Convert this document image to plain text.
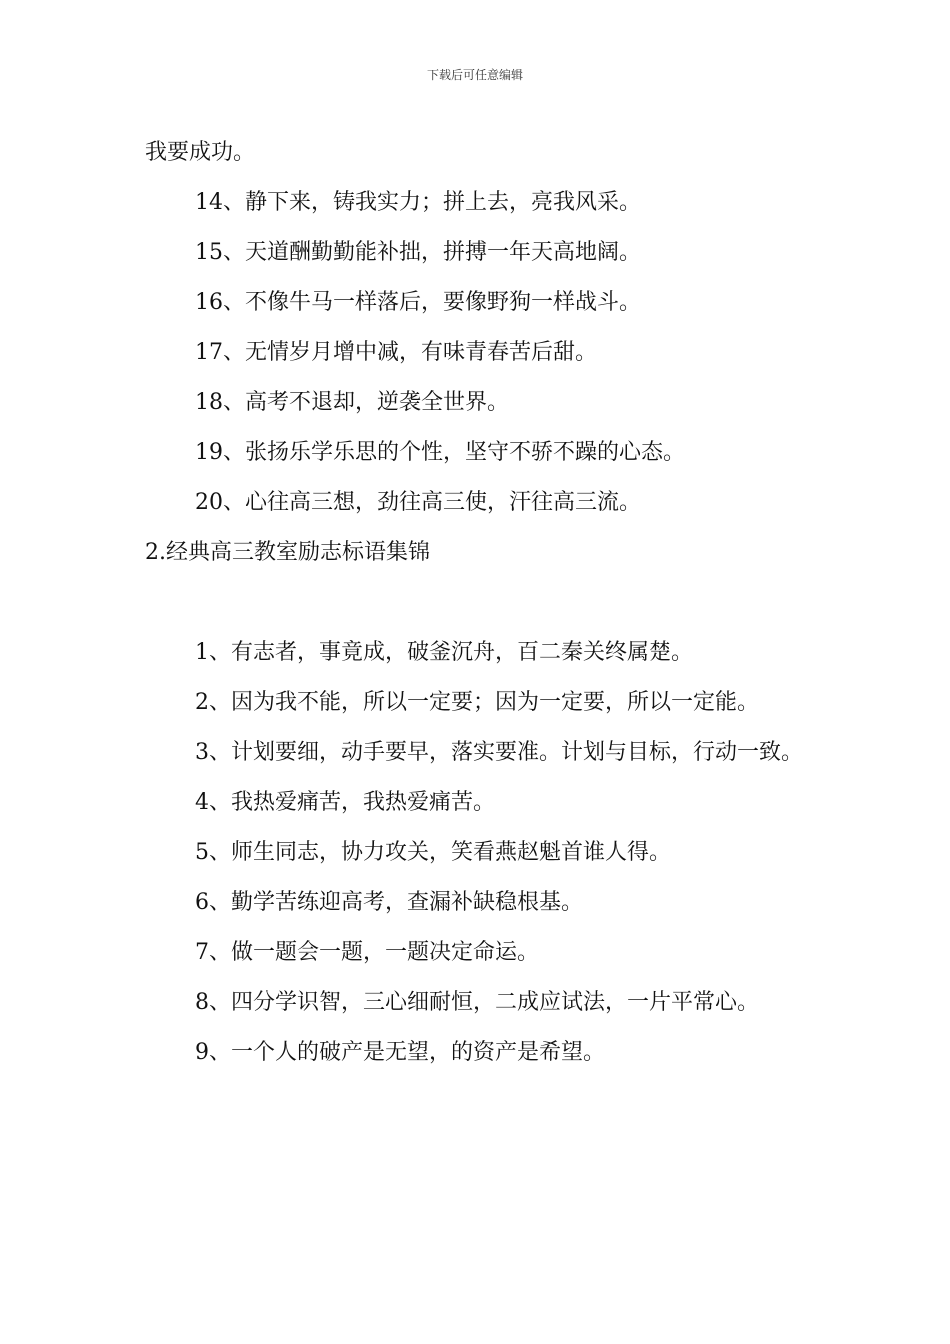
下载后可任意编辑

我要成功。

14、静下来，铸我实力；拼上去，亮我风采。

15、天道酬勤勤能补拙，拼搏一年天高地阔。

16、不像牛马一样落后，要像野狗一样战斗。

17、无情岁月增中减，有味青春苦后甜。

18、高考不退却，逆袭全世界。

19、张扬乐学乐思的个性，坚守不骄不躁的心态。

20、心往高三想，劲往高三使，汗往高三流。

2.经典高三教室励志标语集锦

1、有志者，事竟成，破釜沉舟，百二秦关终属楚。

2、因为我不能，所以一定要；因为一定要，所以一定能。

3、计划要细，动手要早，落实要准。计划与目标，行动一致。

4、我热爱痛苦，我热爱痛苦。

5、师生同志，协力攻关，笑看燕赵魁首谁人得。

6、勤学苦练迎高考，查漏补缺稳根基。

7、做一题会一题，一题决定命运。

8、四分学识智，三心细耐恒，二成应试法，一片平常心。

9、一个人的破产是无望，的资产是希望。
